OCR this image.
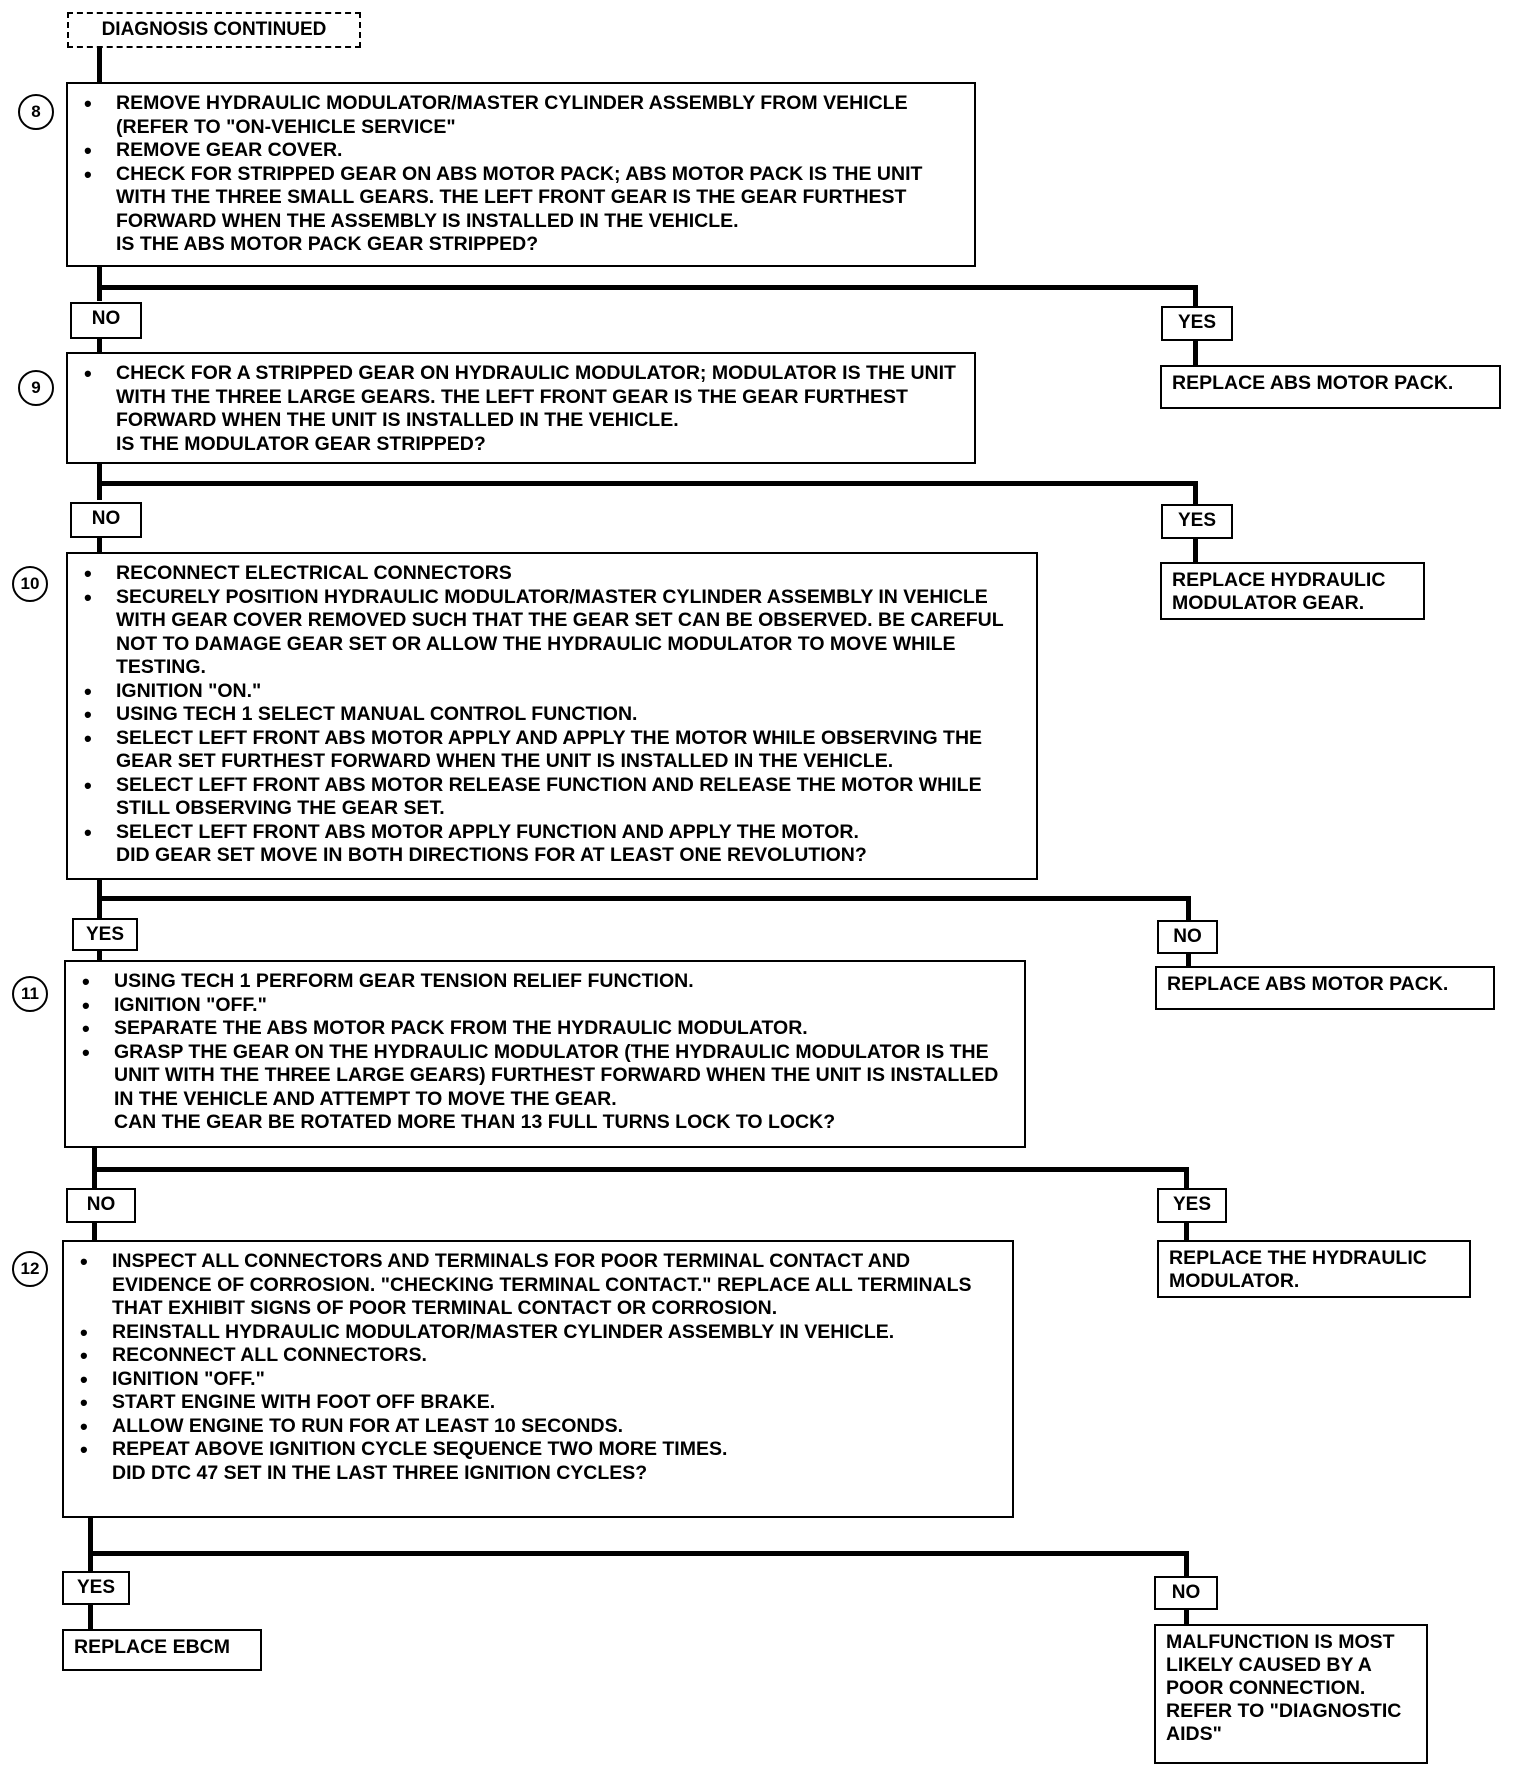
DIAGNOSIS CONTINUED
8
9
10
11
12
• REMOVE HYDRAULIC MODULATOR/MASTER CYLINDER ASSEMBLY FROM VEHICLE (REFER TO "ON-VEHICLE SERVICE"
• REMOVE GEAR COVER.
• CHECK FOR STRIPPED GEAR ON ABS MOTOR PACK; ABS MOTOR PACK IS THE UNIT WITH THE THREE SMALL GEARS. THE LEFT FRONT GEAR IS THE GEAR FURTHEST FORWARD WHEN THE ASSEMBLY IS INSTALLED IN THE VEHICLE.
IS THE ABS MOTOR PACK GEAR STRIPPED?
• CHECK FOR A STRIPPED GEAR ON HYDRAULIC MODULATOR; MODULATOR IS THE UNIT WITH THE THREE LARGE GEARS. THE LEFT FRONT GEAR IS THE GEAR FURTHEST FORWARD WHEN THE UNIT IS INSTALLED IN THE VEHICLE.
IS THE MODULATOR GEAR STRIPPED?
• RECONNECT ELECTRICAL CONNECTORS
• SECURELY POSITION HYDRAULIC MODULATOR/MASTER CYLINDER ASSEMBLY IN VEHICLE WITH GEAR COVER REMOVED SUCH THAT THE GEAR SET CAN BE OBSERVED. BE CAREFUL NOT TO DAMAGE GEAR SET OR ALLOW THE HYDRAULIC MODULATOR TO MOVE WHILE TESTING.
• IGNITION "ON."
• USING TECH 1 SELECT MANUAL CONTROL FUNCTION.
• SELECT LEFT FRONT ABS MOTOR APPLY AND APPLY THE MOTOR WHILE OBSERVING THE GEAR SET FURTHEST FORWARD WHEN THE UNIT IS INSTALLED IN THE VEHICLE.
• SELECT LEFT FRONT ABS MOTOR RELEASE FUNCTION AND RELEASE THE MOTOR WHILE STILL OBSERVING THE GEAR SET.
• SELECT LEFT FRONT ABS MOTOR APPLY FUNCTION AND APPLY THE MOTOR.
DID GEAR SET MOVE IN BOTH DIRECTIONS FOR AT LEAST ONE REVOLUTION?
• USING TECH 1 PERFORM GEAR TENSION RELIEF FUNCTION.
• IGNITION "OFF."
• SEPARATE THE ABS MOTOR PACK FROM THE HYDRAULIC MODULATOR.
• GRASP THE GEAR ON THE HYDRAULIC MODULATOR (THE HYDRAULIC MODULATOR IS THE UNIT WITH THE THREE LARGE GEARS) FURTHEST FORWARD WHEN THE UNIT IS INSTALLED IN THE VEHICLE AND ATTEMPT TO MOVE THE GEAR.
CAN THE GEAR BE ROTATED MORE THAN 13 FULL TURNS LOCK TO LOCK?
• INSPECT ALL CONNECTORS AND TERMINALS FOR POOR TERMINAL CONTACT AND EVIDENCE OF CORROSION. "CHECKING TERMINAL CONTACT." REPLACE ALL TERMINALS THAT EXHIBIT SIGNS OF POOR TERMINAL CONTACT OR CORROSION.
• REINSTALL HYDRAULIC MODULATOR/MASTER CYLINDER ASSEMBLY IN VEHICLE.
• RECONNECT ALL CONNECTORS.
• IGNITION "OFF."
• START ENGINE WITH FOOT OFF BRAKE.
• ALLOW ENGINE TO RUN FOR AT LEAST 10 SECONDS.
• REPEAT ABOVE IGNITION CYCLE SEQUENCE TWO MORE TIMES.
DID DTC 47 SET IN THE LAST THREE IGNITION CYCLES?
NO	YES
NO	YES
YES	NO
NO	YES
YES	NO
REPLACE ABS MOTOR PACK.
REPLACE HYDRAULIC
MODULATOR GEAR.
REPLACE ABS MOTOR PACK.
REPLACE THE HYDRAULIC
MODULATOR.
REPLACE EBCM	MALFUNCTION IS MOST
LIKELY CAUSED BY A
POOR CONNECTION.
REFER TO "DIAGNOSTIC
AIDS"
